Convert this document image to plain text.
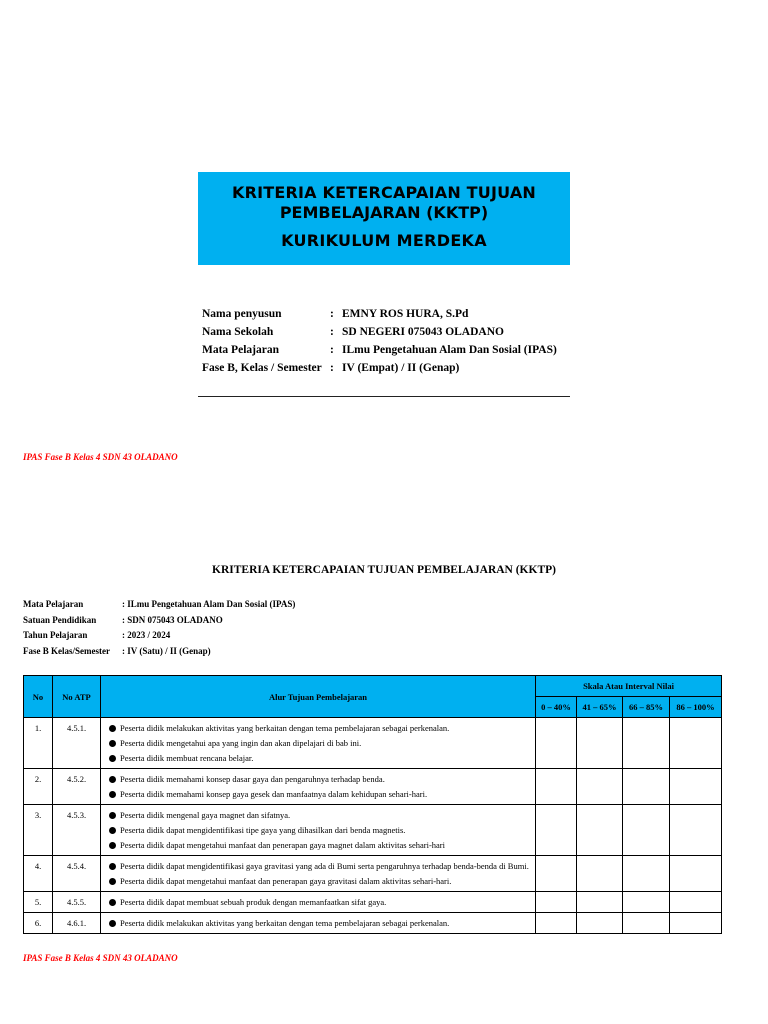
KRITERIA KETERCAPAIAN TUJUAN
PEMBELAJARAN (KKTP)
KURIKULUM MERDEKA
Nama penyusun	: EMNY ROS HURA, S.Pd
Nama Sekolah	: SD NEGERI 075043 OLADANO
Mata Pelajaran	: ILmu Pengetahuan Alam Dan Sosial (IPAS)
Fase B, Kelas / Semester : IV (Empat) / II (Genap)
IPAS Fase B Kelas 4 SDN 43 OLADANO
KRITERIA KETERCAPAIAN TUJUAN PEMBELAJARAN (KKTP)
Mata Pelajaran	: ILmu Pengetahuan Alam Dan Sosial (IPAS)
Satuan Pendidikan	: SDN 075043 OLADANO
Tahun Pelajaran	: 2023 / 2024
Fase B Kelas/Semester : IV (Satu) / II (Genap)
No	No ATP	Alur Tujuan Pembelajaran	Skala Atau Interval Nilai			
			0 – 40%	41 – 65%	66 – 85%	86 – 100%
1.	4.5.1.	Peserta didik melakukan aktivitas yang berkaitan dengan tema pembelajaran sebagai perkenalan.
Peserta didik mengetahui apa yang ingin dan akan dipelajari di bab ini.
Peserta didik membuat rencana belajar.				

2.	4.5.2.	Peserta didik memahami konsep dasar gaya dan pengaruhnya terhadap benda.
Peserta didik memahami konsep gaya gesek dan manfaatnya dalam kehidupan sehari-hari.				

3.	4.5.3.	Peserta didik mengenal gaya magnet dan sifatnya.
Peserta didik dapat mengidentifikasi tipe gaya yang dihasilkan dari benda magnetis.
Peserta didik dapat mengetahui manfaat dan penerapan gaya magnet dalam aktivitas sehari-hari				

4.	4.5.4.	Peserta didik dapat mengidentifikasi gaya gravitasi yang ada di Bumi serta pengaruhnya terhadap benda-benda di Bumi.
Peserta didik dapat mengetahui manfaat dan penerapan gaya gravitasi dalam aktivitas sehari-hari.				

5.	4.5.5.	Peserta didik dapat membuat sebuah produk dengan memanfaatkan sifat gaya.				

6.	4.6.1.	Peserta didik melakukan aktivitas yang berkaitan dengan tema pembelajaran sebagai perkenalan.				

IPAS Fase B Kelas 4 SDN 43 OLADANO
